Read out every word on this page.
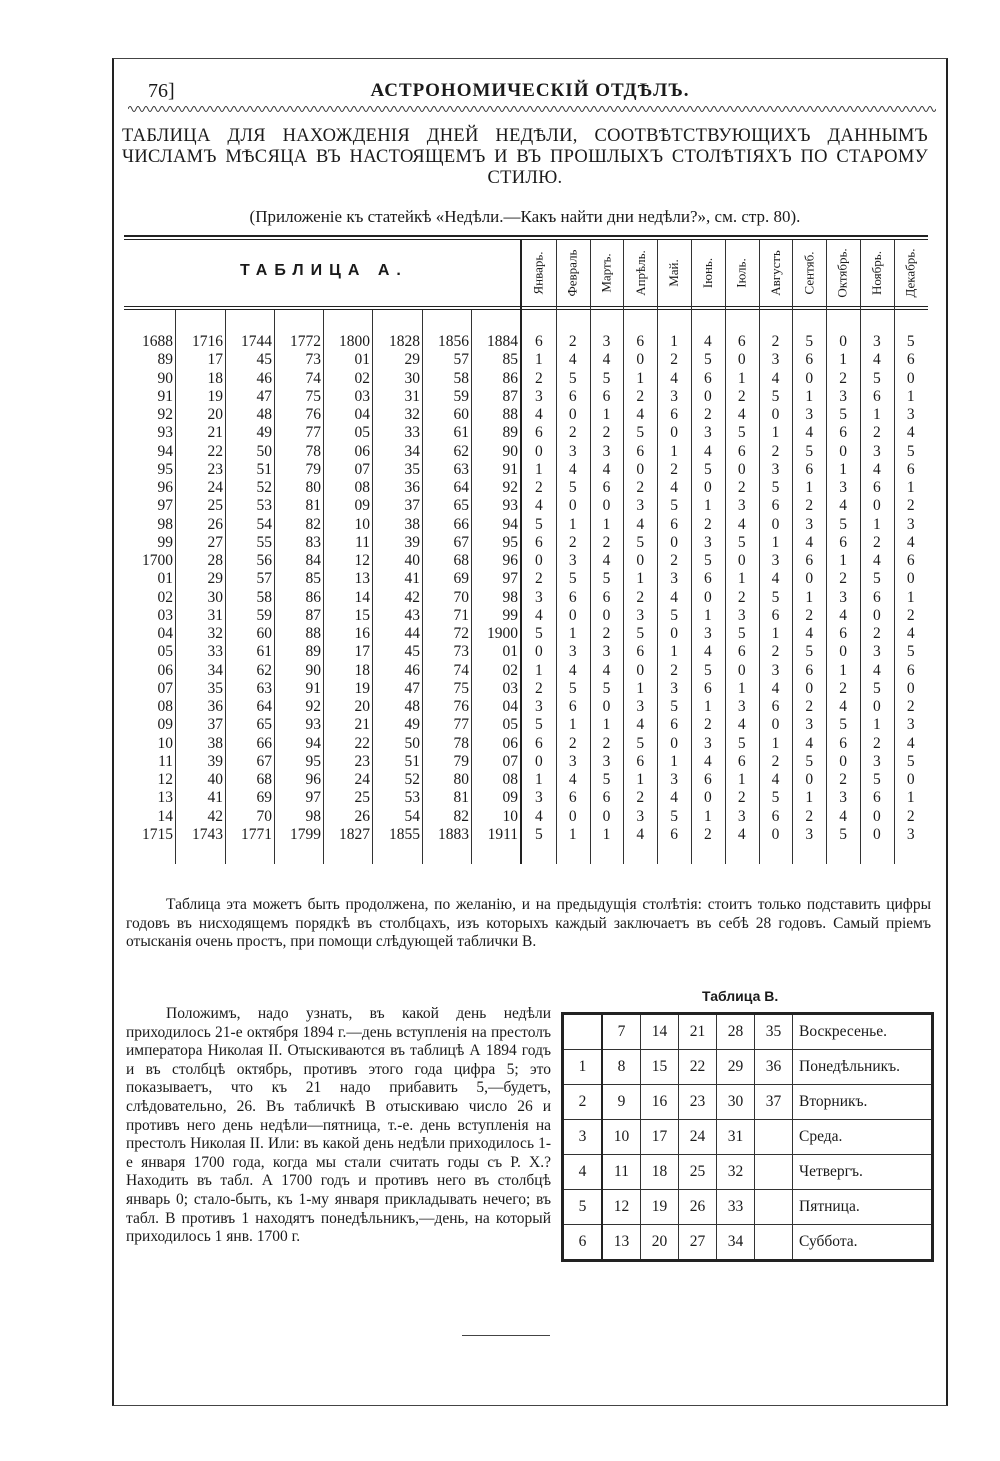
76]	АСТРОНОМИЧЕСКІЙ ОТДѢЛЪ.
ТАБЛИЦА ДЛЯ НАХОЖДЕНІЯ ДНЕЙ НЕДѢЛИ, СООТВѢТСТВУЮЩИХЪ ДАННЫМЪ ЧИСЛАМЪ МѢСЯЦА ВЪ НАСТОЯЩЕМЪ И ВЪ ПРОШЛЫХЪ СТОЛѢТІЯХЪ ПО СТАРОМУ СТИЛЮ.
(Приложеніе къ статейкѣ «Недѣли.—Какъ найти дни недѣли?», см. стр. 80).
ТАБЛИЦА А.	Январь. Февраль Мартъ. Апрѣль. Май. Іюнь. Іюль. Августъ Сентяб. Октябрь. Ноябрь. Декабрь.
1688	1716	1744	1772	1800	1828	1856	1884	6	2	3	6	1	4	6	2	5	0	3	5
89	17	45	73	01	29	57	85	1	4	4	0	2	5	0	3	6	1	4	6
90	18	46	74	02	30	58	86	2	5	5	1	4	6	1	4	0	2	5	0
91	19	47	75	03	31	59	87	3	6	6	2	3	0	2	5	1	3	6	1
92	20	48	76	04	32	60	88	4	0	1	4	6	2	4	0	3	5	1	3
93	21	49	77	05	33	61	89	6	2	2	5	0	3	5	1	4	6	2	4
94	22	50	78	06	34	62	90	0	3	3	6	1	4	6	2	5	0	3	5
95	23	51	79	07	35	63	91	1	4	4	0	2	5	0	3	6	1	4	6
96	24	52	80	08	36	64	92	2	5	6	2	4	0	2	5	1	3	6	1
97	25	53	81	09	37	65	93	4	0	0	3	5	1	3	6	2	4	0	2
98	26	54	82	10	38	66	94	5	1	1	4	6	2	4	0	3	5	1	3
99	27	55	83	11	39	67	95	6	2	2	5	0	3	5	1	4	6	2	4
1700	28	56	84	12	40	68	96	0	3	4	0	2	5	0	3	6	1	4	6
01	29	57	85	13	41	69	97	2	5	5	1	3	6	1	4	0	2	5	0
02	30	58	86	14	42	70	98	3	6	6	2	4	0	2	5	1	3	6	1
03	31	59	87	15	43	71	99	4	0	0	3	5	1	3	6	2	4	0	2
04	32	60	88	16	44	72	1900	5	1	2	5	0	3	5	1	4	6	2	4
05	33	61	89	17	45	73	01	0	3	3	6	1	4	6	2	5	0	3	5
06	34	62	90	18	46	74	02	1	4	4	0	2	5	0	3	6	1	4	6
07	35	63	91	19	47	75	03	2	5	5	1	3	6	1	4	0	2	5	0
08	36	64	92	20	48	76	04	3	6	0	3	5	1	3	6	2	4	0	2
09	37	65	93	21	49	77	05	5	1	1	4	6	2	4	0	3	5	1	3
10	38	66	94	22	50	78	06	6	2	2	5	0	3	5	1	4	6	2	4
11	39	67	95	23	51	79	07	0	3	3	6	1	4	6	2	5	0	3	5
12	40	68	96	24	52	80	08	1	4	5	1	3	6	1	4	0	2	5	0
13	41	69	97	25	53	81	09	3	6	6	2	4	0	2	5	1	3	6	1
14	42	70	98	26	54	82	10	4	0	0	3	5	1	3	6	2	4	0	2
1715	1743	1771	1799	1827	1855	1883	1911	5	1	1	4	6	2	4	0	3	5	0	3
Таблица эта можетъ быть продолжена, по желанію, и на предыдущія столѣтія: стоитъ только подставить цифры годовъ въ нисходящемъ порядкѣ въ столбцахъ, изъ которыхъ каждый заключаетъ въ себѣ 28 годовъ. Самый пріемъ отысканія очень простъ, при помощи слѣдующей таблички В.
Положимъ, надо узнать, въ какой день недѣли приходилось 21-е октября 1894 г.—день вступленія на престолъ императора Николая II. Отыскиваются въ таблицѣ А 1894 годъ и въ столбцѣ октябрь, противъ этого года цифра 5; это показываетъ, что къ 21 надо прибавить 5,—будетъ, слѣдовательно, 26. Въ табличкѣ В отыскиваю число 26 и противъ него день недѣли—пятница, т.-е. день вступленія на престолъ Николая II. Или: въ какой день недѣли приходилось 1-е января 1700 года, когда мы стали считать годы съ Р. Х.? Находить въ табл. А 1700 годъ и противъ него въ столбцѣ январь 0; стало-быть, къ 1-му января прикладывать нечего; въ табл. В противъ 1 находятъ понедѣльникъ,—день, на который приходилось 1 янв. 1700 г.
Таблица В.
	7	14	21	28	35	Воскресенье.
1	8	15	22	29	36	Понедѣльникъ.
2	9	16	23	30	37	Вторникъ.
3	10	17	24	31		Среда.
4	11	18	25	32		Четвергъ.
5	12	19	26	33		Пятница.
6	13	20	27	34		Суббота.
